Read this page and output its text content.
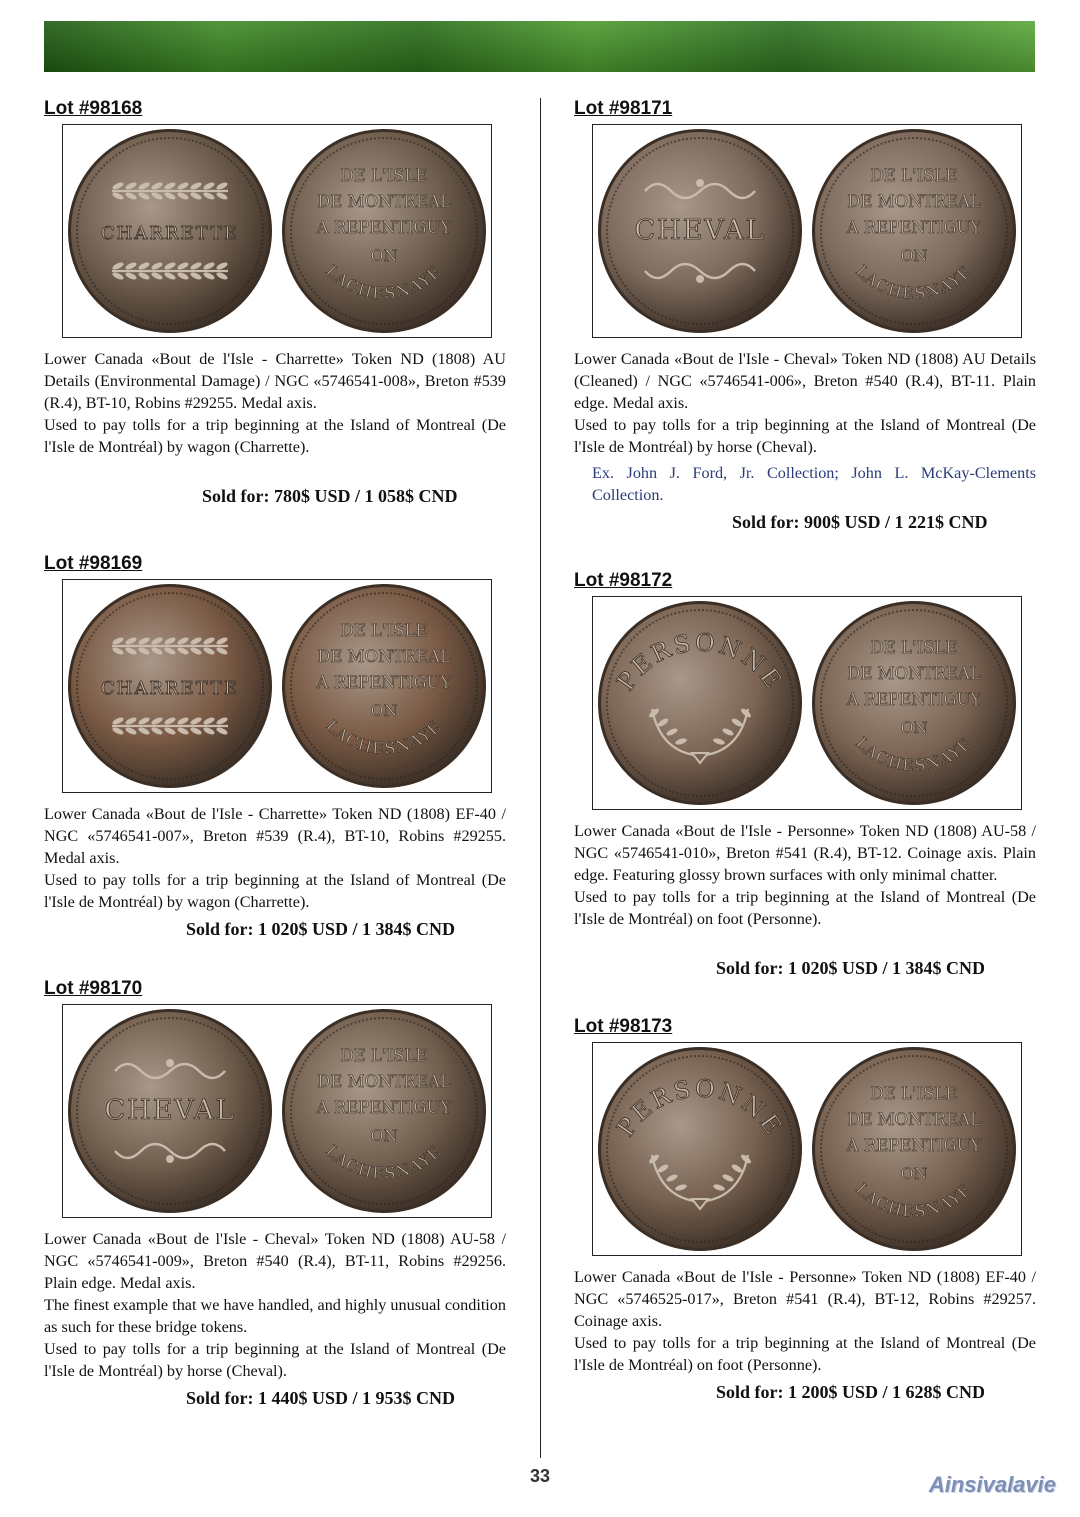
Lot #98168
CHARRETTE
DE L'ISLE
DE MONTREAL
A REPENTIGUY
ON
LACHESNAYE

Lower Canada «Bout de l'Isle - Charrette» Token ND (1808) AU Details (Environmental Damage) / NGC «5746541-008», Breton #539 (R.4), BT-10, Robins #29255. Medal axis.

Used to pay tolls for a trip beginning at the Island of Montreal (De l'Isle de Montréal) by wagon (Charrette).

Sold for: 780$ USD / 1 058$ CND
Lot #98169
CHARRETTE
DE L'ISLE
DE MONTREAL
A REPENTIGUY
ON
LACHESNAYE

Lower Canada «Bout de l'Isle - Charrette» Token ND (1808) EF-40 / NGC «5746541-007», Breton #539 (R.4), BT-10, Robins #29255. Medal axis.

Used to pay tolls for a trip beginning at the Island of Montreal (De l'Isle de Montréal) by wagon (Charrette).

Sold for: 1 020$ USD / 1 384$ CND
Lot #98170
CHEVAL
DE L'ISLE
DE MONTREAL
A REPENTIGUY
ON
LACHESNAYE

Lower Canada «Bout de l'Isle - Cheval» Token ND (1808) AU-58 / NGC «5746541-009», Breton #540 (R.4), BT-11, Robins #29256. Plain edge. Medal axis.

The finest example that we have handled, and highly unusual condition as such for these bridge tokens.

Used to pay tolls for a trip beginning at the Island of Montreal (De l'Isle de Montréal) by horse (Cheval).

Sold for: 1 440$ USD / 1 953$ CND
Lot #98171
CHEVAL
DE L'ISLE
DE MONTREAL
A REPENTIGUY
ON
LACHESNAYE

Lower Canada «Bout de l'Isle - Cheval» Token ND (1808) AU Details (Cleaned) / NGC «5746541-006», Breton #540 (R.4), BT-11. Plain edge. Medal axis.

Used to pay tolls for a trip beginning at the Island of Montreal (De l'Isle de Montréal) by horse (Cheval).

Ex. John J. Ford, Jr. Collection; John L. McKay-Clements Collection.

Sold for: 900$ USD / 1 221$ CND
Lot #98172
PERSONNE
DE L'ISLE
DE MONTREAL
A REPENTIGUY
ON
LACHESNAYE

Lower Canada «Bout de l'Isle - Personne» Token ND (1808) AU-58 / NGC «5746541-010», Breton #541 (R.4), BT-12. Coinage axis. Plain edge. Featuring glossy brown surfaces with only minimal chatter.

Used to pay tolls for a trip beginning at the Island of Montreal (De l'Isle de Montréal) on foot (Personne).

Sold for: 1 020$ USD / 1 384$ CND
Lot #98173
PERSONNE
DE L'ISLE
DE MONTREAL
A REPENTIGUY
ON
LACHESNAYE

Lower Canada «Bout de l'Isle - Personne» Token ND (1808) EF-40 / NGC «5746525-017», Breton #541 (R.4), BT-12, Robins #29257. Coinage axis.

Used to pay tolls for a trip beginning at the Island of Montreal (De l'Isle de Montréal) on foot (Personne).

Sold for: 1 200$ USD / 1 628$ CND
33	Ainsivalavie
